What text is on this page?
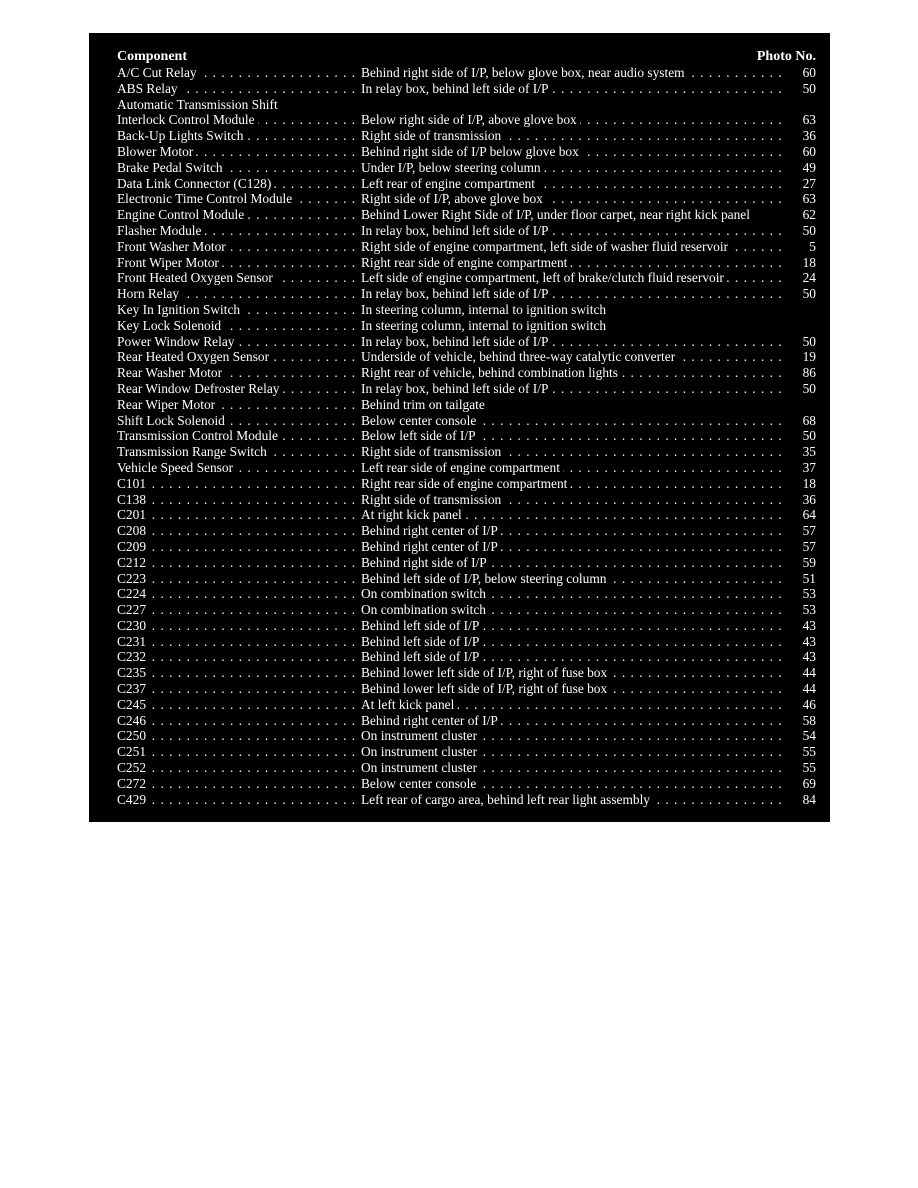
Component	Photo No.
A/C Cut Relay . . .	Behind right side of I/P, below glove box, near audio system . . .	60
ABS Relay . . .	In relay box, behind left side of I/P . . .	50
Automatic Transmission Shift
Interlock Control Module . . .	Below right side of I/P, above glove box . . .	63
Back-Up Lights Switch . . .	Right side of transmission . . .	36
Blower Motor . . .	Behind right side of I/P below glove box . . .	60
Brake Pedal Switch . . .	Under I/P, below steering column . . .	49
Data Link Connector (C128) . . .	Left rear of engine compartment . . .	27
Electronic Time Control Module . . .	Right side of I/P, above glove box . . .	63
Engine Control Module . . .	Behind Lower Right Side of I/P, under floor carpet, near right kick panel	62
Flasher Module . . .	In relay box, behind left side of I/P . . .	50
Front Washer Motor . . .	Right side of engine compartment, left side of washer fluid reservoir . . .	5
Front Wiper Motor . . .	Right rear side of engine compartment . . .	18
Front Heated Oxygen Sensor . . .	Left side of engine compartment, left of brake/clutch fluid reservoir . . .	24
Horn Relay . . .	In relay box, behind left side of I/P . . .	50
Key In Ignition Switch . . .	In steering column, internal to ignition switch
Key Lock Solenoid . . .	In steering column, internal to ignition switch
Power Window Relay . . .	In relay box, behind left side of I/P . . .	50
Rear Heated Oxygen Sensor . . .	Underside of vehicle, behind three-way catalytic converter . . .	19
Rear Washer Motor . . .	Right rear of vehicle, behind combination lights . . .	86
Rear Window Defroster Relay . . .	In relay box, behind left side of I/P . . .	50
Rear Wiper Motor . . .	Behind trim on tailgate
Shift Lock Solenoid . . .	Below center console . . .	68
Transmission Control Module . . .	Below left side of I/P . . .	50
Transmission Range Switch . . .	Right side of transmission . . .	35
Vehicle Speed Sensor . . .	Left rear side of engine compartment . . .	37
C101 . . .	Right rear side of engine compartment . . .	18
C138 . . .	Right side of transmission . . .	36
C201 . . .	At right kick panel . . .	64
C208 . . .	Behind right center of I/P . . .	57
C209 . . .	Behind right center of I/P . . .	57
C212 . . .	Behind right side of I/P . . .	59
C223 . . .	Behind left side of I/P, below steering column . . .	51
C224 . . .	On combination switch . . .	53
C227 . . .	On combination switch . . .	53
C230 . . .	Behind left side of I/P . . .	43
C231 . . .	Behind left side of I/P . . .	43
C232 . . .	Behind left side of I/P . . .	43
C235 . . .	Behind lower left side of I/P, right of fuse box . . .	44
C237 . . .	Behind lower left side of I/P, right of fuse box . . .	44
C245 . . .	At left kick panel . . .	46
C246 . . .	Behind right center of I/P . . .	58
C250 . . .	On instrument cluster . . .	54
C251 . . .	On instrument cluster . . .	55
C252 . . .	On instrument cluster . . .	55
C272 . . .	Below center console . . .	69
C429 . . .	Left rear of cargo area, behind left rear light assembly . . .	84
